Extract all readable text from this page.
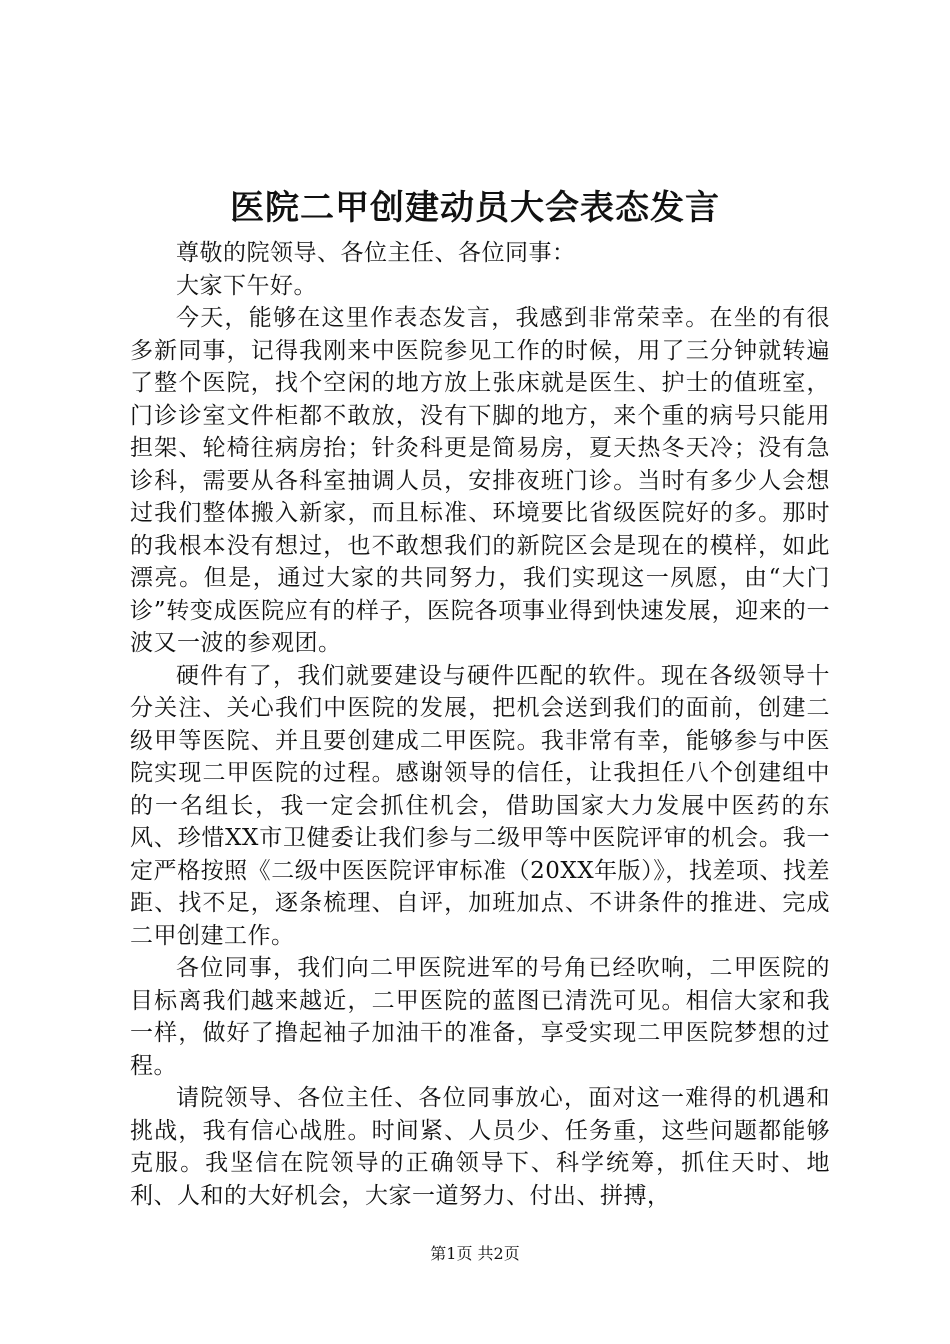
医院二甲创建动员大会表态发言

尊敬的院领导、各位主任、各位同事：

大家下午好。

今天，能够在这里作表态发言，我感到非常荣幸。在坐的有很多新同事，记得我刚来中医院参见工作的时候，用了三分钟就转遍了整个医院，找个空闲的地方放上张床就是医生、护士的值班室，门诊诊室文件柜都不敢放，没有下脚的地方，来个重的病号只能用担架、轮椅往病房抬；针灸科更是简易房，夏天热冬天冷；没有急诊科，需要从各科室抽调人员，安排夜班门诊。当时有多少人会想过我们整体搬入新家，而且标准、环境要比省级医院好的多。那时的我根本没有想过，也不敢想我们的新院区会是现在的模样，如此漂亮。但是，通过大家的共同努力，我们实现这一夙愿，由“大门诊”转变成医院应有的样子，医院各项事业得到快速发展，迎来的一波又一波的参观团。

硬件有了，我们就要建设与硬件匹配的软件。现在各级领导十分关注、关心我们中医院的发展，把机会送到我们的面前，创建二级甲等医院、并且要创建成二甲医院。我非常有幸，能够参与中医院实现二甲医院的过程。感谢领导的信任，让我担任八个创建组中的一名组长，我一定会抓住机会，借助国家大力发展中医药的东风、珍惜XX市卫健委让我们参与二级甲等中医院评审的机会。我一定严格按照《二级中医医院评审标准（20XX年版）》，找差项、找差距、找不足，逐条梳理、自评，加班加点、不讲条件的推进、完成二甲创建工作。

各位同事，我们向二甲医院进军的号角已经吹响，二甲医院的目标离我们越来越近，二甲医院的蓝图已清洗可见。相信大家和我一样，做好了撸起袖子加油干的准备，享受实现二甲医院梦想的过程。

请院领导、各位主任、各位同事放心，面对这一难得的机遇和挑战，我有信心战胜。时间紧、人员少、任务重，这些问题都能够克服。我坚信在院领导的正确领导下、科学统筹，抓住天时、地利、人和的大好机会，大家一道努力、付出、拼搏，

第1页 共2页
